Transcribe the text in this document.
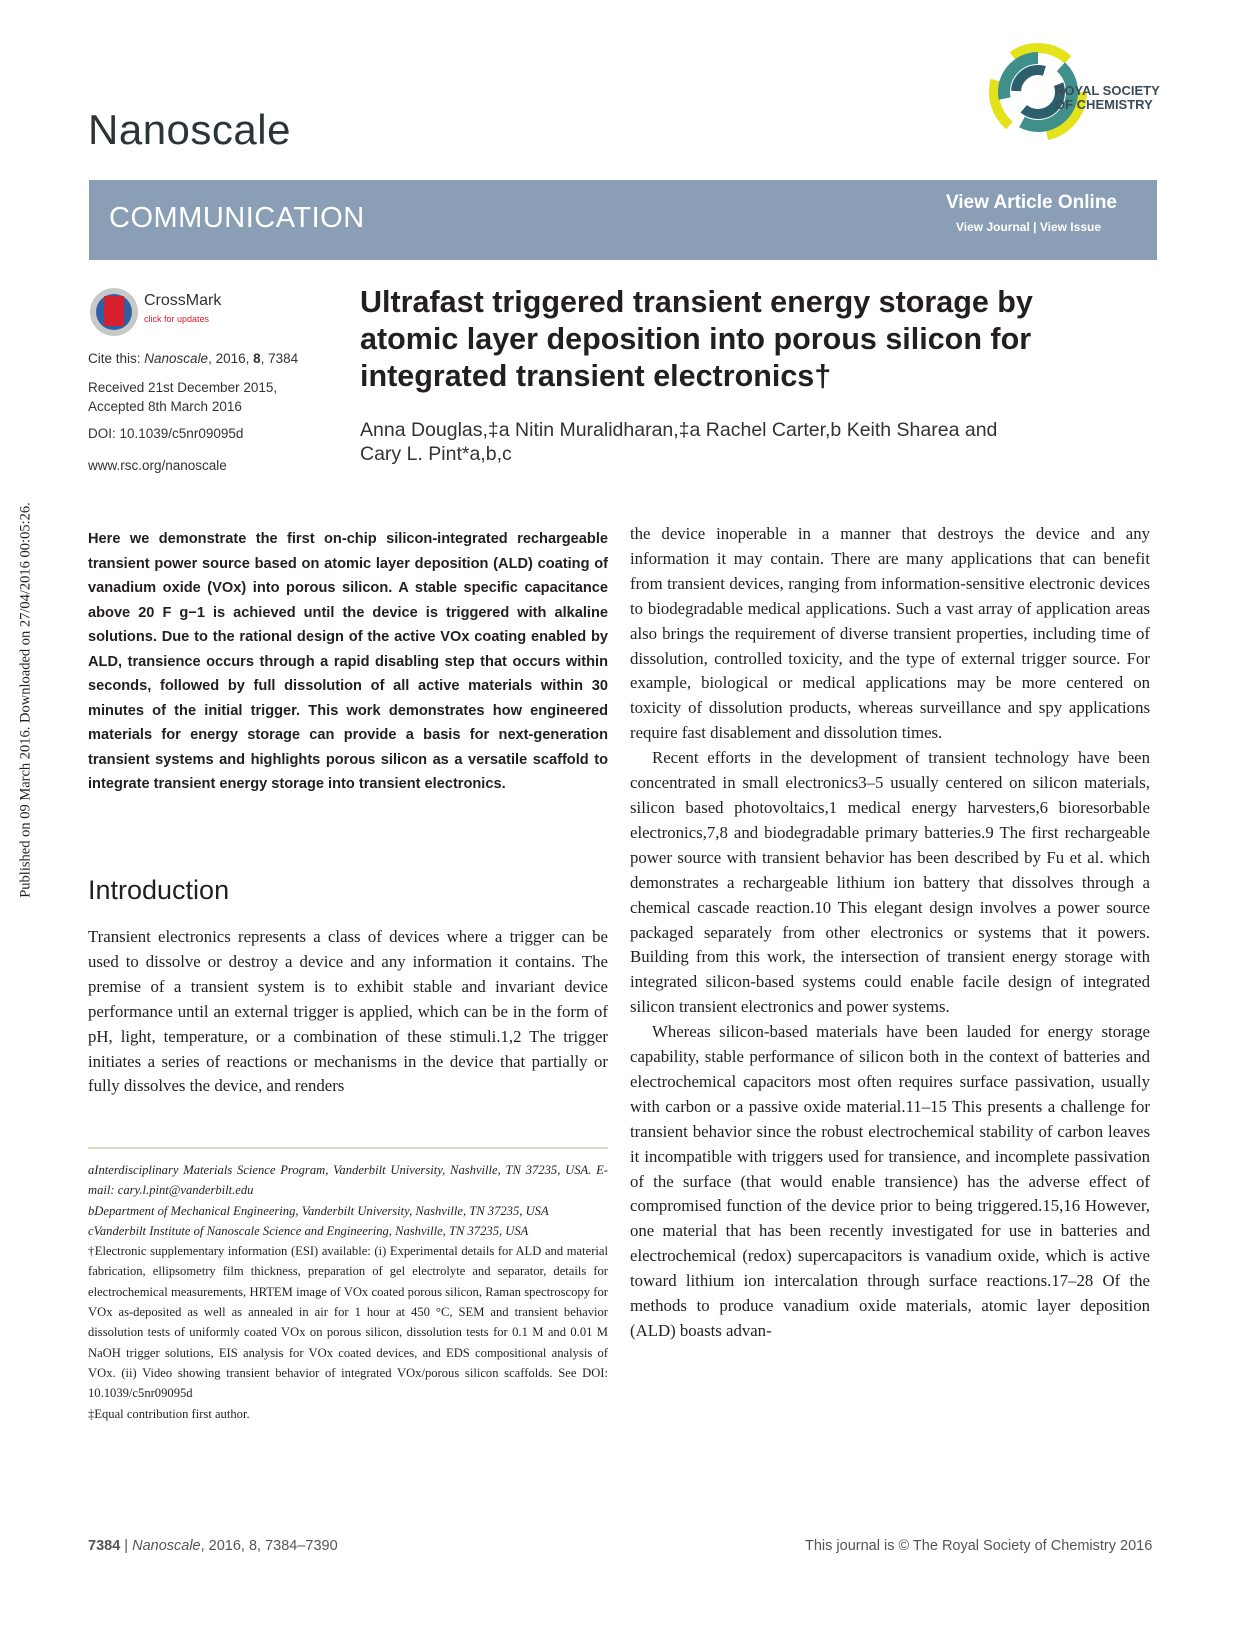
Published on 09 March 2016. Downloaded on 27/04/2016 00:05:26.
Nanoscale
ROYAL SOCIETY
OF CHEMISTRY
COMMUNICATION	View Article Online
View Journal | View Issue
CrossMark
click for updates
Cite this: Nanoscale, 2016, 8, 7384
Received 21st December 2015,
Accepted 8th March 2016
DOI: 10.1039/c5nr09095d
www.rsc.org/nanoscale
Ultrafast triggered transient energy storage by atomic layer deposition into porous silicon for integrated transient electronics†
Anna Douglas,‡a Nitin Muralidharan,‡a Rachel Carter,b Keith Sharea and
Cary L. Pint*a,b,c
Here we demonstrate the first on-chip silicon-integrated rechargeable transient power source based on atomic layer deposition (ALD) coating of vanadium oxide (VOx) into porous silicon. A stable specific capacitance above 20 F g−1 is achieved until the device is triggered with alkaline solutions. Due to the rational design of the active VOx coating enabled by ALD, transience occurs through a rapid disabling step that occurs within seconds, followed by full dissolution of all active materials within 30 minutes of the initial trigger. This work demonstrates how engineered materials for energy storage can provide a basis for next-generation transient systems and highlights porous silicon as a versatile scaffold to integrate transient energy storage into transient electronics.
Introduction

Transient electronics represents a class of devices where a trigger can be used to dissolve or destroy a device and any information it contains. The premise of a transient system is to exhibit stable and invariant device performance until an external trigger is applied, which can be in the form of pH, light, temperature, or a combination of these stimuli.1,2 The trigger initiates a series of reactions or mechanisms in the device that partially or fully dissolves the device, and renders

the device inoperable in a manner that destroys the device and any information it may contain. There are many applications that can benefit from transient devices, ranging from information-sensitive electronic devices to biodegradable medical applications. Such a vast array of application areas also brings the requirement of diverse transient properties, including time of dissolution, controlled toxicity, and the type of external trigger source. For example, biological or medical applications may be more centered on toxicity of dissolution products, whereas surveillance and spy applications require fast disablement and dissolution times.

Recent efforts in the development of transient technology have been concentrated in small electronics3–5 usually centered on silicon materials, silicon based photovoltaics,1 medical energy harvesters,6 bioresorbable electronics,7,8 and biodegradable primary batteries.9 The first rechargeable power source with transient behavior has been described by Fu et al. which demonstrates a rechargeable lithium ion battery that dissolves through a chemical cascade reaction.10 This elegant design involves a power source packaged separately from other electronics or systems that it powers. Building from this work, the intersection of transient energy storage with integrated silicon-based systems could enable facile design of integrated silicon transient electronics and power systems.

Whereas silicon-based materials have been lauded for energy storage capability, stable performance of silicon both in the context of batteries and electrochemical capacitors most often requires surface passivation, usually with carbon or a passive oxide material.11–15 This presents a challenge for transient behavior since the robust electrochemical stability of carbon leaves it incompatible with triggers used for transience, and incomplete passivation of the surface (that would enable transience) has the adverse effect of compromised function of the device prior to being triggered.15,16 However, one material that has been recently investigated for use in batteries and electrochemical (redox) supercapacitors is vanadium oxide, which is active toward lithium ion intercalation through surface reactions.17–28 Of the methods to produce vanadium oxide materials, atomic layer deposition (ALD) boasts advan-

aInterdisciplinary Materials Science Program, Vanderbilt University, Nashville, TN 37235, USA. E-mail: cary.l.pint@vanderbilt.edu

bDepartment of Mechanical Engineering, Vanderbilt University, Nashville, TN 37235, USA

cVanderbilt Institute of Nanoscale Science and Engineering, Nashville, TN 37235, USA

†Electronic supplementary information (ESI) available: (i) Experimental details for ALD and material fabrication, ellipsometry film thickness, preparation of gel electrolyte and separator, details for electrochemical measurements, HRTEM image of VOx coated porous silicon, Raman spectroscopy for VOx as-deposited as well as annealed in air for 1 hour at 450 °C, SEM and transient behavior dissolution tests of uniformly coated VOx on porous silicon, dissolution tests for 0.1 M and 0.01 M NaOH trigger solutions, EIS analysis for VOx coated devices, and EDS compositional analysis of VOx. (ii) Video showing transient behavior of integrated VOx/porous silicon scaffolds. See DOI: 10.1039/c5nr09095d

‡Equal contribution first author.

7384 | Nanoscale, 2016, 8, 7384–7390	This journal is © The Royal Society of Chemistry 2016
